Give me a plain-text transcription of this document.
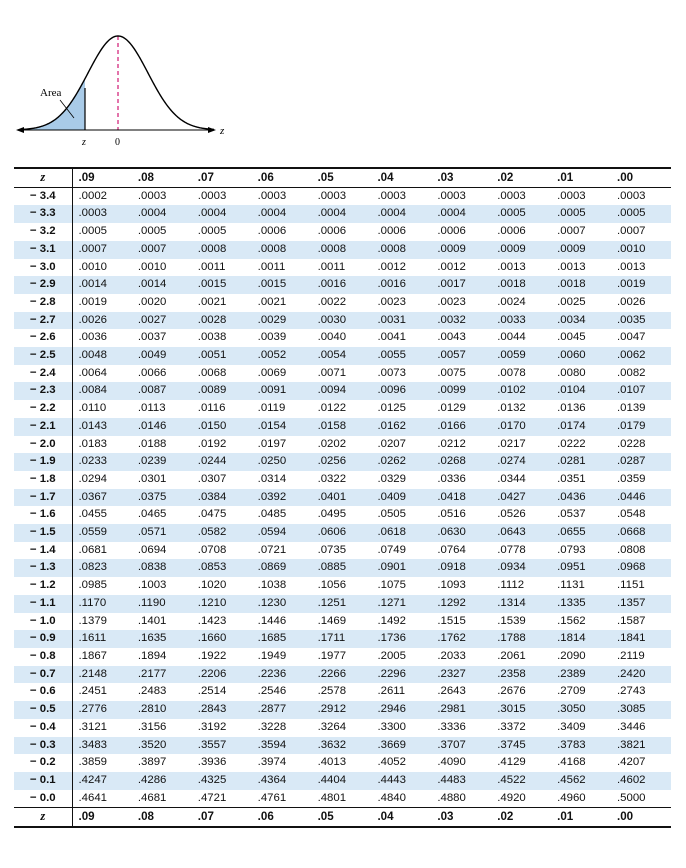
Area
z	0
z
z	.09	.08	.07	.06	.05	.04	.03	.02	.01	.00
− 3.4	.0002	.0003	.0003	.0003	.0003	.0003	.0003	.0003	.0003	.0003
− 3.3	.0003	.0004	.0004	.0004	.0004	.0004	.0004	.0005	.0005	.0005
− 3.2	.0005	.0005	.0005	.0006	.0006	.0006	.0006	.0006	.0007	.0007
− 3.1	.0007	.0007	.0008	.0008	.0008	.0008	.0009	.0009	.0009	.0010
− 3.0	.0010	.0010	.0011	.0011	.0011	.0012	.0012	.0013	.0013	.0013
− 2.9	.0014	.0014	.0015	.0015	.0016	.0016	.0017	.0018	.0018	.0019
− 2.8	.0019	.0020	.0021	.0021	.0022	.0023	.0023	.0024	.0025	.0026
− 2.7	.0026	.0027	.0028	.0029	.0030	.0031	.0032	.0033	.0034	.0035
− 2.6	.0036	.0037	.0038	.0039	.0040	.0041	.0043	.0044	.0045	.0047
− 2.5	.0048	.0049	.0051	.0052	.0054	.0055	.0057	.0059	.0060	.0062
− 2.4	.0064	.0066	.0068	.0069	.0071	.0073	.0075	.0078	.0080	.0082
− 2.3	.0084	.0087	.0089	.0091	.0094	.0096	.0099	.0102	.0104	.0107
− 2.2	.0110	.0113	.0116	.0119	.0122	.0125	.0129	.0132	.0136	.0139
− 2.1	.0143	.0146	.0150	.0154	.0158	.0162	.0166	.0170	.0174	.0179
− 2.0	.0183	.0188	.0192	.0197	.0202	.0207	.0212	.0217	.0222	.0228
− 1.9	.0233	.0239	.0244	.0250	.0256	.0262	.0268	.0274	.0281	.0287
− 1.8	.0294	.0301	.0307	.0314	.0322	.0329	.0336	.0344	.0351	.0359
− 1.7	.0367	.0375	.0384	.0392	.0401	.0409	.0418	.0427	.0436	.0446
− 1.6	.0455	.0465	.0475	.0485	.0495	.0505	.0516	.0526	.0537	.0548
− 1.5	.0559	.0571	.0582	.0594	.0606	.0618	.0630	.0643	.0655	.0668
− 1.4	.0681	.0694	.0708	.0721	.0735	.0749	.0764	.0778	.0793	.0808
− 1.3	.0823	.0838	.0853	.0869	.0885	.0901	.0918	.0934	.0951	.0968
− 1.2	.0985	.1003	.1020	.1038	.1056	.1075	.1093	.1112	.1131	.1151
− 1.1	.1170	.1190	.1210	.1230	.1251	.1271	.1292	.1314	.1335	.1357
− 1.0	.1379	.1401	.1423	.1446	.1469	.1492	.1515	.1539	.1562	.1587
− 0.9	.1611	.1635	.1660	.1685	.1711	.1736	.1762	.1788	.1814	.1841
− 0.8	.1867	.1894	.1922	.1949	.1977	.2005	.2033	.2061	.2090	.2119
− 0.7	.2148	.2177	.2206	.2236	.2266	.2296	.2327	.2358	.2389	.2420
− 0.6	.2451	.2483	.2514	.2546	.2578	.2611	.2643	.2676	.2709	.2743
− 0.5	.2776	.2810	.2843	.2877	.2912	.2946	.2981	.3015	.3050	.3085
− 0.4	.3121	.3156	.3192	.3228	.3264	.3300	.3336	.3372	.3409	.3446
− 0.3	.3483	.3520	.3557	.3594	.3632	.3669	.3707	.3745	.3783	.3821
− 0.2	.3859	.3897	.3936	.3974	.4013	.4052	.4090	.4129	.4168	.4207
− 0.1	.4247	.4286	.4325	.4364	.4404	.4443	.4483	.4522	.4562	.4602
− 0.0	.4641	.4681	.4721	.4761	.4801	.4840	.4880	.4920	.4960	.5000
z	.09	.08	.07	.06	.05	.04	.03	.02	.01	.00
